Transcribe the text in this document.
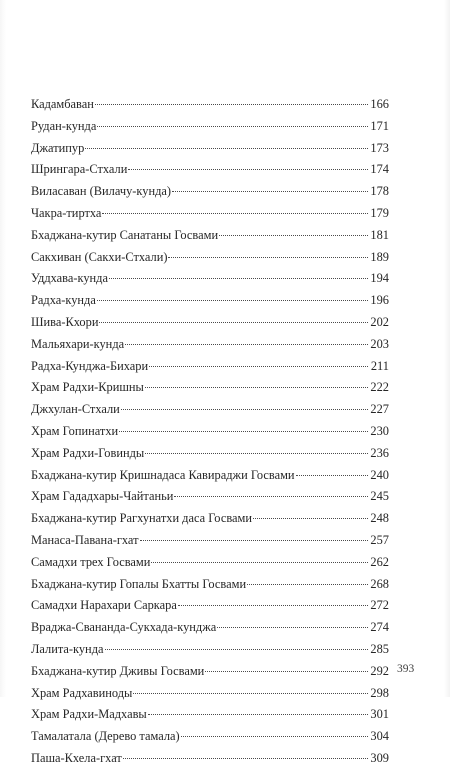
Кадамбаван	166
Рудан-кунда	171
Джатипур	173
Шрингара-Стхали	174
Виласаван (Вилачу-кунда)	178
Чакра-тиртха	179
Бхаджана-кутир Санатаны Госвами	181
Сакхиван (Сакхи-Стхали)	189
Уддхава-кунда	194
Радха-кунда	196
Шива-Кхори	202
Мальяхари-кунда	203
Радха-Кунджа-Бихари	211
Храм Радхи-Кришны	222
Джхулан-Стхали	227
Храм Гопинатхи	230
Храм Радхи-Говинды	236
Бхаджана-кутир Кришнадаса Кавираджи Госвами	240
Храм Гададхары-Чайтаньи	245
Бхаджана-кутир Рагхунатхи даса Госвами	248
Манаса-Павана-гхат	257
Самадхи трех Госвами	262
Бхаджана-кутир Гопалы Бхатты Госвами	268
Самадхи Нарахари Саркара	272
Враджа-Свананда-Сукхада-кунджа	274
Лалита-кунда	285
Бхаджана-кутир Дживы Госвами	292
Храм Радхавиноды	298
Храм Радхи-Мадхавы	301
Тамалатала (Дерево тамала)	304
Паша-Кхела-гхат	309
393
